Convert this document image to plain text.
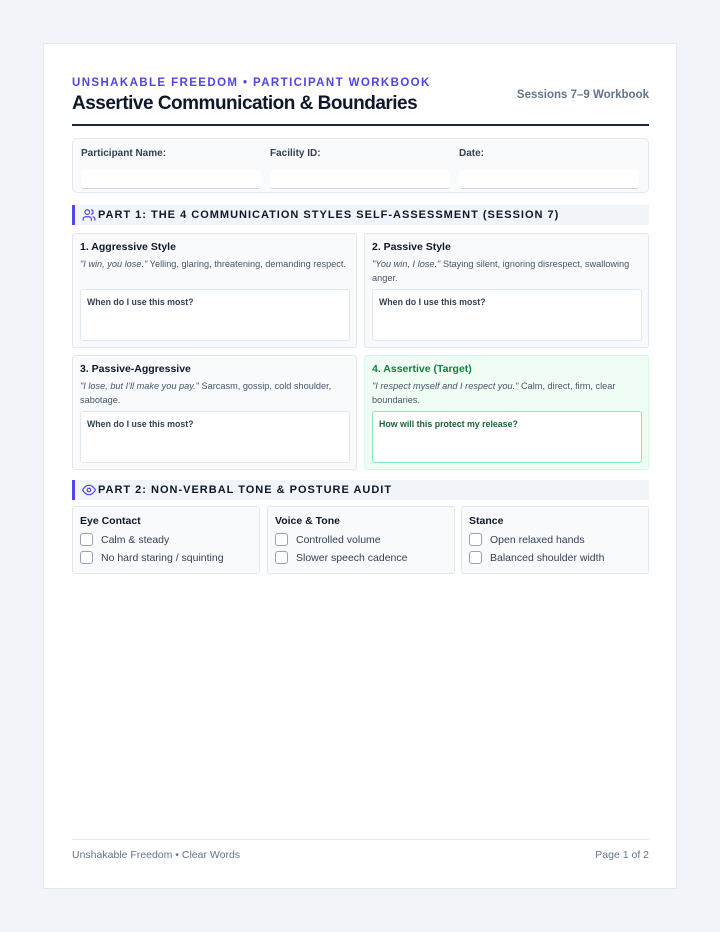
UNSHAKABLE FREEDOM • PARTICIPANT WORKBOOK
Assertive Communication & Boundaries	Sessions 7–9 Workbook
Participant Name:	Facility ID:	Date:
PART 1: THE 4 COMMUNICATION STYLES SELF-ASSESSMENT (SESSION 7)
1. Aggressive Style
"I win, you lose." Yelling, glaring, threatening, demanding respect.
When do I use this most?
2. Passive Style
"You win, I lose." Staying silent, ignoring disrespect, swallowing anger.
When do I use this most?
3. Passive-Aggressive
"I lose, but I'll make you pay." Sarcasm, gossip, cold shoulder, sabotage.
When do I use this most?
4. Assertive (Target)
"I respect myself and I respect you." Calm, direct, firm, clear boundaries.
How will this protect my release?
PART 2: NON-VERBAL TONE & POSTURE AUDIT
Eye Contact
Calm & steady
No hard staring / squinting
Voice & Tone
Controlled volume
Slower speech cadence
Stance
Open relaxed hands
Balanced shoulder width
Unshakable Freedom • Clear Words	Page 1 of 2
